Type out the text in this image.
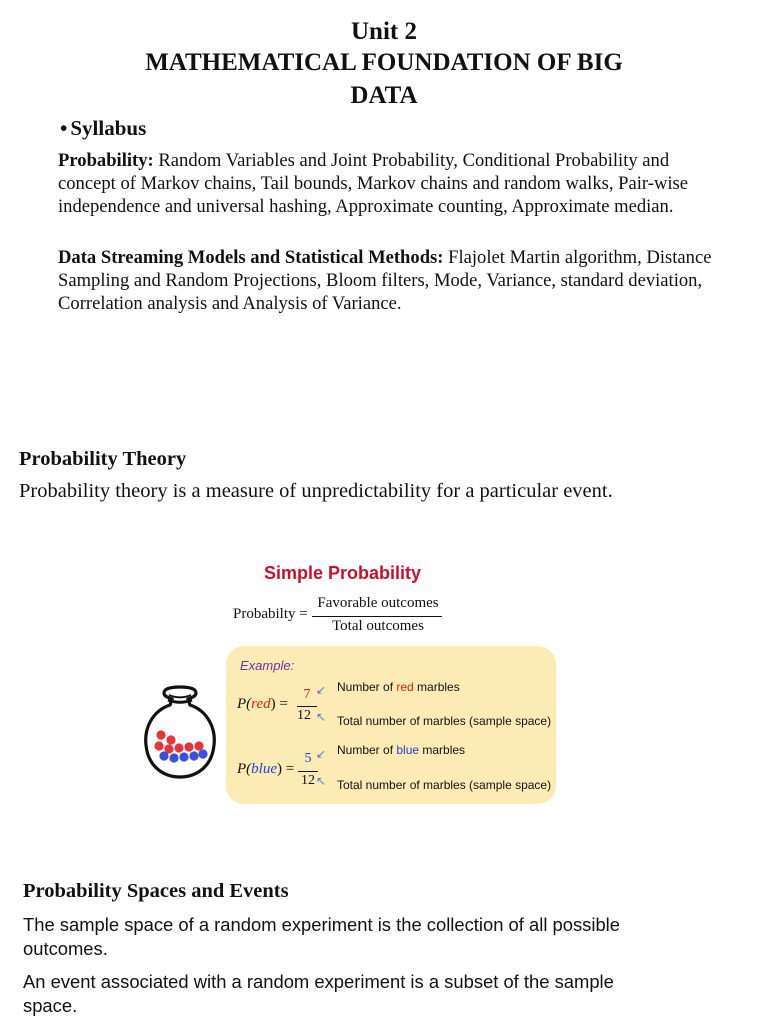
Unit 2
MATHEMATICAL FOUNDATION OF BIG
DATA
• Syllabus

Probability: Random Variables and Joint Probability, Conditional Probability and concept of Markov chains, Tail bounds, Markov chains and random walks, Pair-wise independence and universal hashing, Approximate counting, Approximate median.

Data Streaming Models and Statistical Methods: Flajolet Martin algorithm, Distance Sampling and Random Projections, Bloom filters, Mode, Variance, standard deviation, Correlation analysis and Analysis of Variance.

Probability Theory
Probability theory is a measure of unpredictability for a particular event.
Simple Probability
Probabilty =
Favorable outcomes
Total outcomes
Example:
P(red) =
7
12
↙ Number of red marbles
↖ Total number of marbles (sample space)
P(blue) =
5
12
↙ Number of blue marbles
↖ Total number of marbles (sample space)
Probability Spaces and Events

The sample space of a random experiment is the collection of all possible outcomes.

An event associated with a random experiment is a subset of the sample space.
